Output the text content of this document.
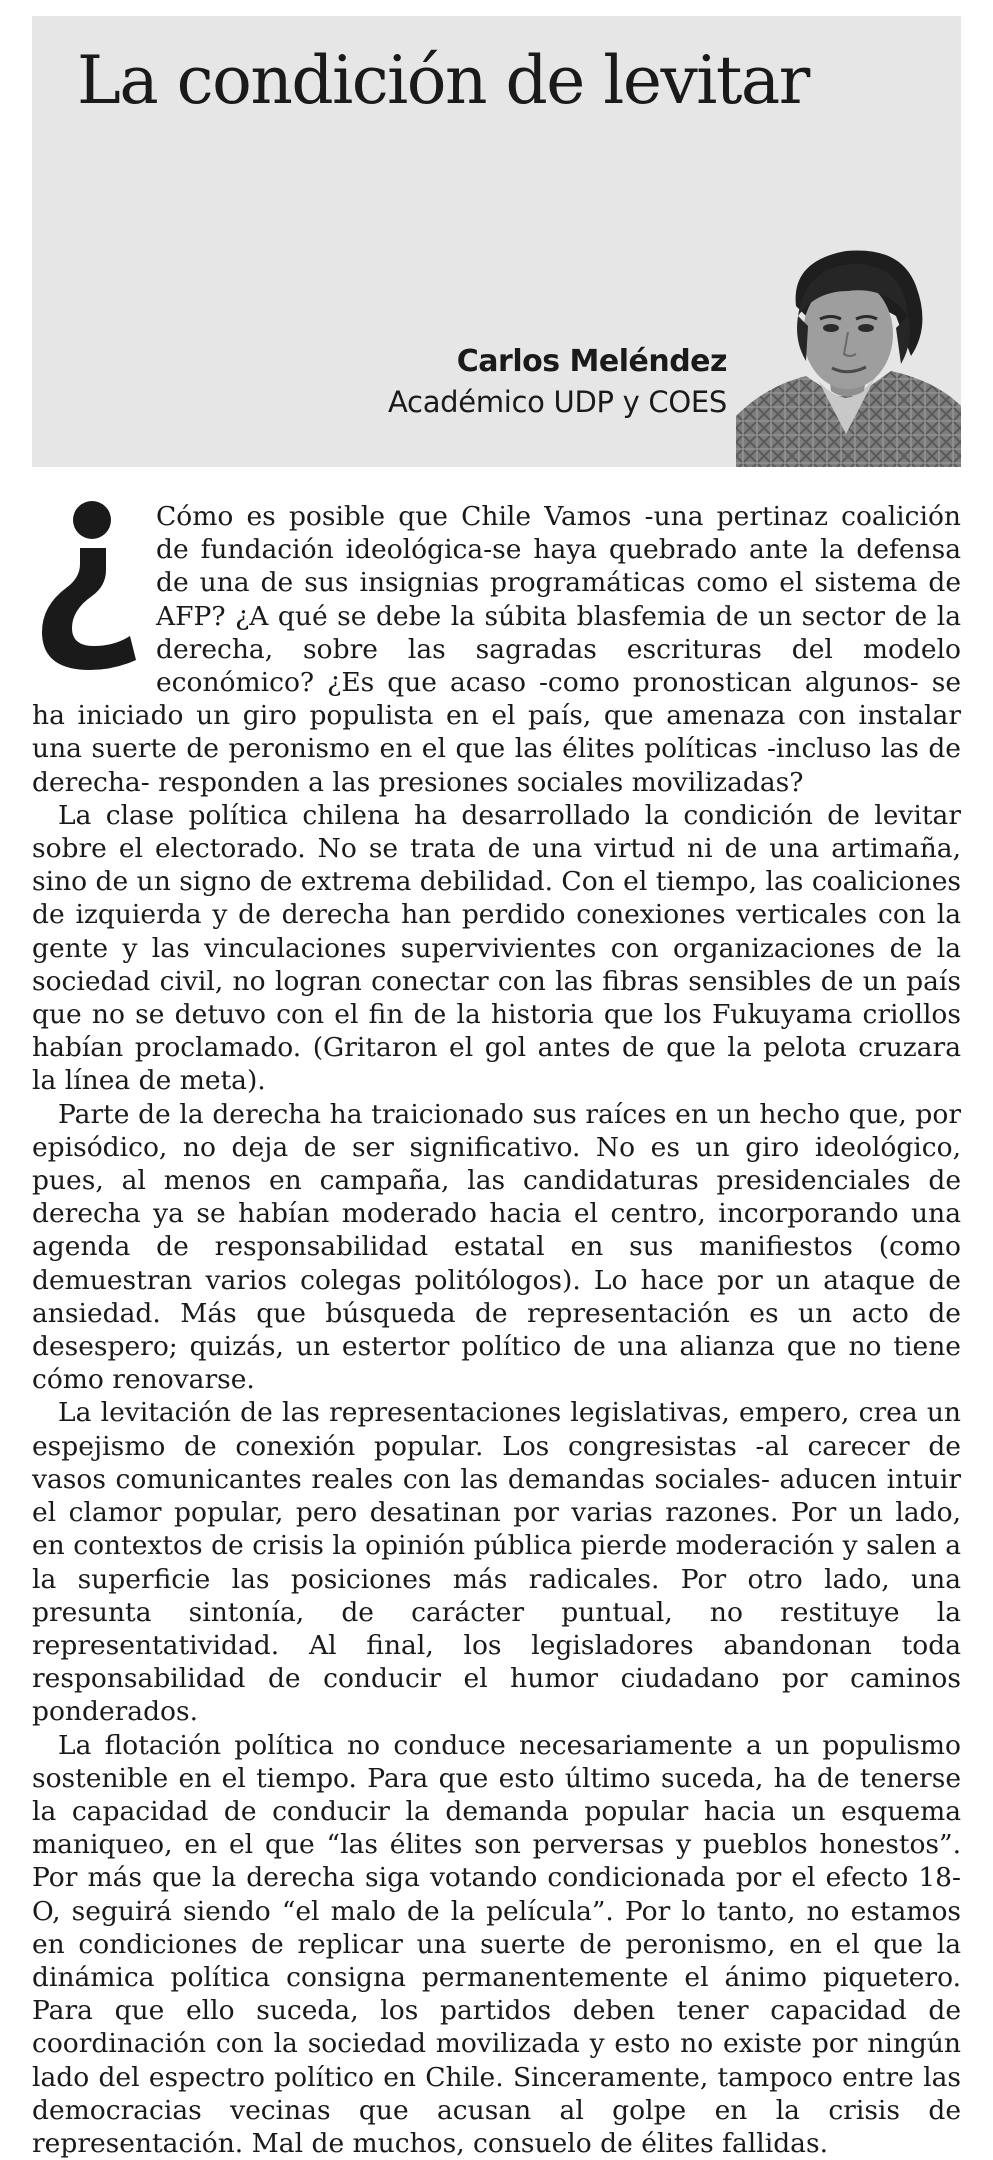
La condición de levitar
Carlos Meléndez
Académico UDP y COES

Cómo es posible que Chile Vamos -una pertinaz coalición de fundación ideológica-se haya quebrado ante la defensa de una de sus insignias programáticas como el sistema de AFP? ¿A qué se debe la súbita blasfemia de un sector de la derecha, sobre las sagradas escrituras del modelo económico? ¿Es que acaso -como pronostican algunos- se ha iniciado un giro populista en el país, que amenaza con instalar una suerte de peronismo en el que las élites políticas -incluso las de derecha- responden a las presiones sociales movilizadas?

La clase política chilena ha desarrollado la condición de levitar sobre el electorado. No se trata de una virtud ni de una artimaña, sino de un signo de extrema debilidad. Con el tiempo, las coaliciones de izquierda y de derecha han perdido conexiones verticales con la gente y las vinculaciones supervivientes con organizaciones de la sociedad civil, no logran conectar con las fibras sensibles de un país que no se detuvo con el fin de la historia que los Fukuyama criollos habían proclamado. (Gritaron el gol antes de que la pelota cruzara la línea de meta).

Parte de la derecha ha traicionado sus raíces en un hecho que, por episódico, no deja de ser significativo. No es un giro ideológico, pues, al menos en campaña, las candidaturas presidenciales de derecha ya se habían moderado hacia el centro, incorporando una agenda de responsabilidad estatal en sus manifiestos (como demuestran varios colegas politólogos). Lo hace por un ataque de ansiedad. Más que búsqueda de representación es un acto de desespero; quizás, un estertor político de una alianza que no tiene cómo renovarse.

La levitación de las representaciones legislativas, empero, crea un espejismo de conexión popular. Los congresistas -al carecer de vasos comunicantes reales con las demandas sociales- aducen intuir el clamor popular, pero desatinan por varias razones. Por un lado, en contextos de crisis la opinión pública pierde moderación y salen a la superficie las posiciones más radicales. Por otro lado, una presunta sintonía, de carácter puntual, no restituye la representatividad. Al final, los legisladores abandonan toda responsabilidad de conducir el humor ciudadano por caminos ponderados.

La flotación política no conduce necesariamente a un populismo sostenible en el tiempo. Para que esto último suceda, ha de tenerse la capacidad de conducir la demanda popular hacia un esquema maniqueo, en el que “las élites son perversas y pueblos honestos”. Por más que la derecha siga votando condicionada por el efecto 18-O, seguirá siendo “el malo de la película”. Por lo tanto, no estamos en condiciones de replicar una suerte de peronismo, en el que la dinámica política consigna permanentemente el ánimo piquetero. Para que ello suceda, los partidos deben tener capacidad de coordinación con la sociedad movilizada y esto no existe por ningún lado del espectro político en Chile. Sinceramente, tampoco entre las democracias vecinas que acusan al golpe en la crisis de representación. Mal de muchos, consuelo de élites fallidas.
